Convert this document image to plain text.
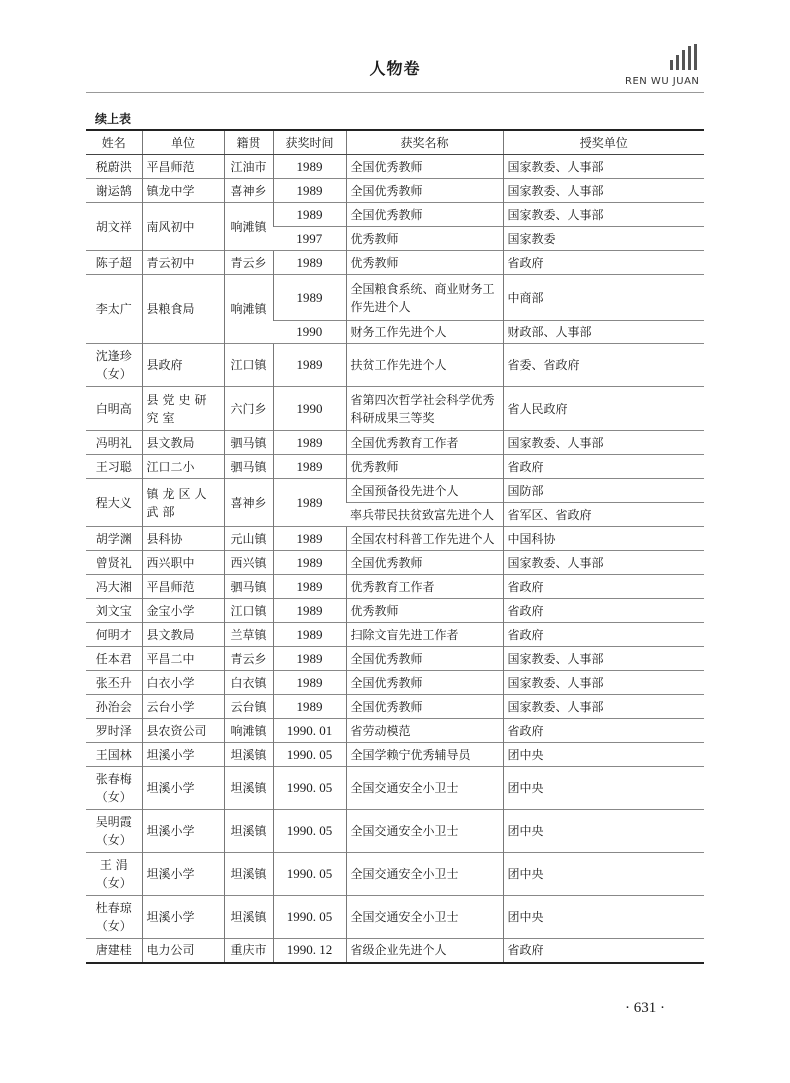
人物卷
REN WU JUAN
续上表
姓名	单位	籍贯	获奖时间	获奖名称	授奖单位
税蔚洪	平昌师范	江油市	1989	全国优秀教师	国家教委、人事部
谢运鹄	镇龙中学	喜神乡	1989	全国优秀教师	国家教委、人事部
胡文祥	南风初中	响滩镇	1989	全国优秀教师	国家教委、人事部
			1997	优秀教师	国家教委
陈子超	青云初中	青云乡	1989	优秀教师	省政府
李太广	县粮食局	响滩镇	1989	全国粮食系统、商业财务工作先进个人	中商部
			1990	财务工作先进个人	财政部、人事部
沈逢珍（女）	县政府	江口镇	1989	扶贫工作先进个人	省委、省政府
白明高	县党史研究室	六门乡	1990	省第四次哲学社会科学优秀科研成果三等奖	省人民政府
冯明礼	县文教局	驷马镇	1989	全国优秀教育工作者	国家教委、人事部
王习聪	江口二小	驷马镇	1989	优秀教师	省政府
程大义	镇龙区人武部	喜神乡	1989	全国预备役先进个人	国防部
				率兵带民扶贫致富先进个人	省军区、省政府
胡学渊	县科协	元山镇	1989	全国农村科普工作先进个人	中国科协
曾贤礼	西兴职中	西兴镇	1989	全国优秀教师	国家教委、人事部
冯大湘	平昌师范	驷马镇	1989	优秀教育工作者	省政府
刘文宝	金宝小学	江口镇	1989	优秀教师	省政府
何明才	县文教局	兰草镇	1989	扫除文盲先进工作者	省政府
任本君	平昌二中	青云乡	1989	全国优秀教师	国家教委、人事部
张丕升	白衣小学	白衣镇	1989	全国优秀教师	国家教委、人事部
孙治会	云台小学	云台镇	1989	全国优秀教师	国家教委、人事部
罗时泽	县农资公司	响滩镇	1990. 01	省劳动模范	省政府
王国林	坦溪小学	坦溪镇	1990. 05	全国学赖宁优秀辅导员	团中央
张春梅（女）	坦溪小学	坦溪镇	1990. 05	全国交通安全小卫士	团中央
吴明霞（女）	坦溪小学	坦溪镇	1990. 05	全国交通安全小卫士	团中央
王 涓（女）	坦溪小学	坦溪镇	1990. 05	全国交通安全小卫士	团中央
杜春琼（女）	坦溪小学	坦溪镇	1990. 05	全国交通安全小卫士	团中央
唐建桂	电力公司	重庆市	1990. 12	省级企业先进个人	省政府
· 631 ·
